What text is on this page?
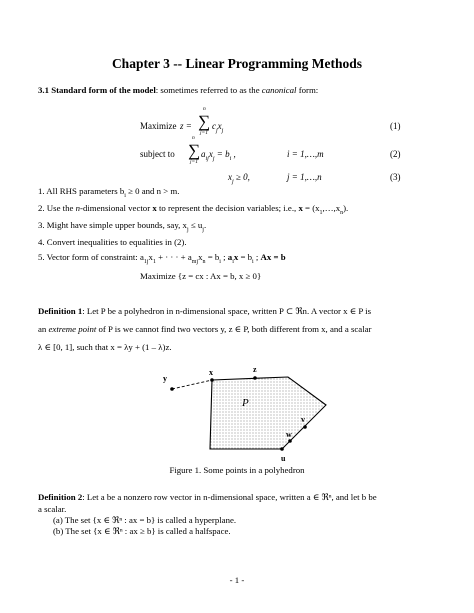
Chapter 3 -- Linear Programming Methods
3.1 Standard form of the model: sometimes referred to as the canonical form:
Maximize z =
n
∑
j=1
$c_jx_j$	(1)
subject to
n
∑
j=1
$a_{ij}x_j = b_i$ ,	i = 1,…,m	(2)
$x_j \ge 0$,	j = 1,…,n	(3)
1. All RHS parameters $b_i \ge 0$ and n > m.
2. Use the n-dimensional vector x to represent the decision variables; i.e., $x = (x_1,\dots,x_n)$.
3. Might have simple upper bounds, say, $x_j \le u_j$.
4. Convert inequalities to equalities in (2).
5. Vector form of constraint: $a_{1j}x_1$ + · · · + $a_{mj}x_n = b_i$ ; $a_ix = b_i$ ; Ax = b
Maximize {z = cx : Ax = b, x ≥ 0}
Definition 1: Let P be a polyhedron in n-dimensional space, written P ⊂ ℜn. A vector x ∈ P is
an extreme point of P is we cannot find two vectors y, z ∈ P, both different from x, and a scalar
λ ∈ [0, 1], such that x = λy + (1 – λ)z.
x
y
z
v
w
u
P
Figure 1. Some points in a polyhedron
Definition 2: Let a be a nonzero row vector in n-dimensional space, written a ∈ ℜⁿ, and let b be
a scalar.
(a) The set {x ∈ ℜⁿ : ax = b} is called a hyperplane.
(b) The set {x ∈ ℜⁿ : ax ≥ b} is called a halfspace.
- 1 -
